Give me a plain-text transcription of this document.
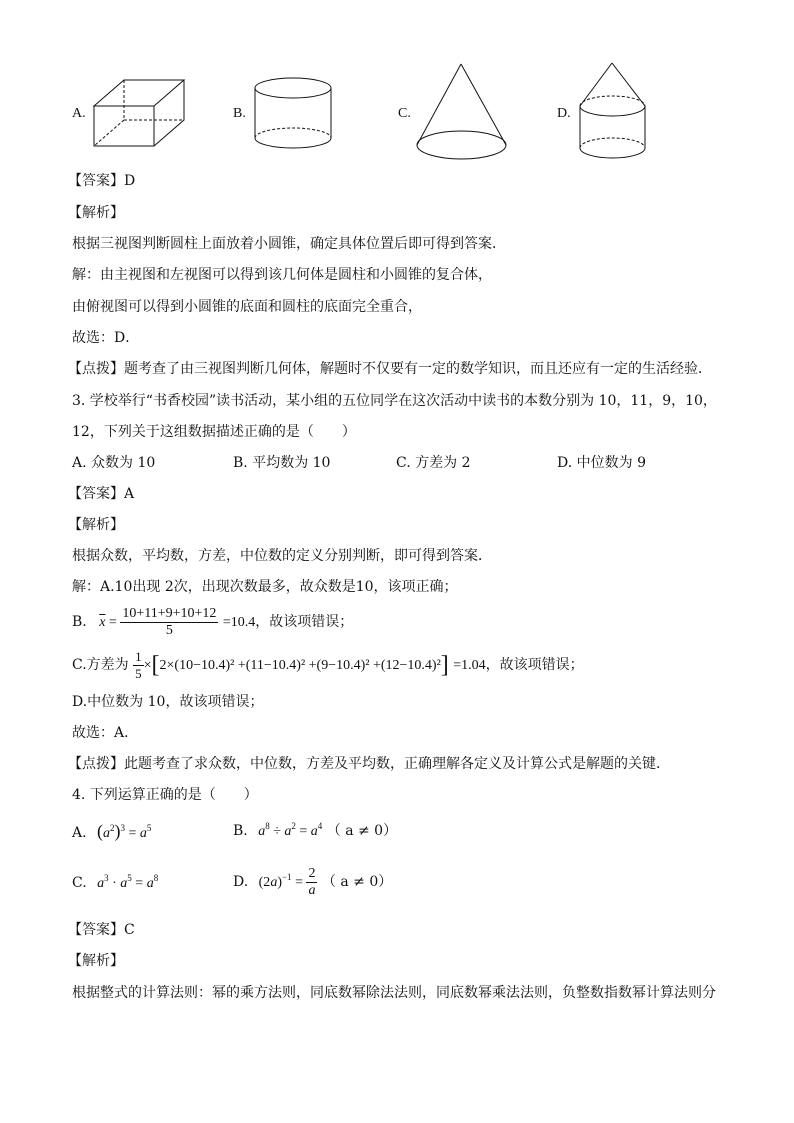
A.	B.	C.	D.
【答案】D
【解析】
根据三视图判断圆柱上面放着小圆锥，确定具体位置后即可得到答案．
解：由主视图和左视图可以得到该几何体是圆柱和小圆锥的复合体，
由俯视图可以得到小圆锥的底面和圆柱的底面完全重合，
故选：D．
【点拨】题考查了由三视图判断几何体，解题时不仅要有一定的数学知识，而且还应有一定的生活经验．
3. 学校举行“书香校园”读书活动，某小组的五位同学在这次活动中读书的本数分别为 10，11，9，10，
12，下列关于这组数据描述正确的是（　　）
A. 众数为 10	B. 平均数为 10	C. 方差为 2	D. 中位数为 9
【答案】A
【解析】
根据众数，平均数，方差，中位数的定义分别判断，即可得到答案．
解：A.10出现 2次，出现次数最多，故众数是10，该项正确；
B. $\overline{x} = \frac{10+11+9+10+12}{5} =10.4$，故该项错误；
C.方差为 $\frac{1}{5} \times[2\times(10-10.4)^2 +(11-10.4)^2 +(9-10.4)^2 +(12-10.4)^2] =1.04$，故该项错误；
D.中位数为 10，故该项错误；
故选：A．
【点拨】此题考查了求众数，中位数，方差及平均数，正确理解各定义及计算公式是解题的关键．
4. 下列运算正确的是（　　）
A. $(a^2)^3 = a^5$	B. $a^8 \div a^2 = a^4$ （ a ≠ 0）
C. $a^3 \cdot a^5 = a^8$	D. $(2a)^{-1} = \frac{2}{a}$ （ a ≠ 0）
【答案】C
【解析】
根据整式的计算法则：幂的乘方法则，同底数幂除法法则，同底数幂乘法法则，负整数指数幂计算法则分
